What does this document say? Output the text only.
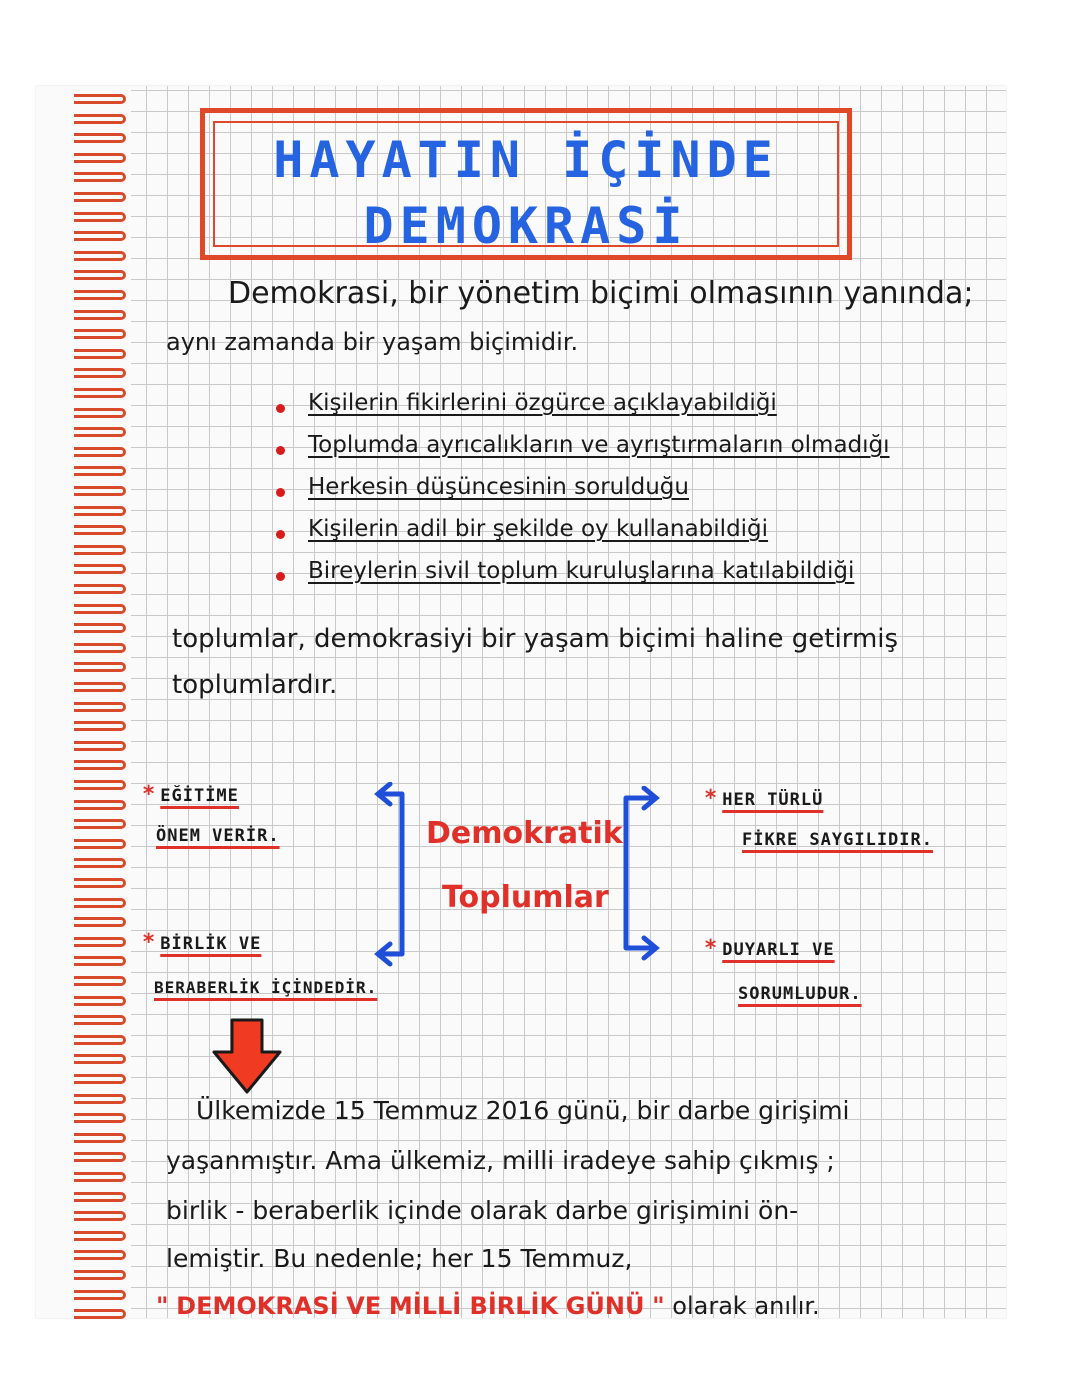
HAYATIN İÇİNDE
DEMOKRASİ
Demokrasi, bir yönetim biçimi olmasının yanında;
aynı zamanda bir yaşam biçimidir.
Kişilerin fikirlerini özgürce açıklayabildiği
Toplumda ayrıcalıkların ve ayrıştırmaların olmadığı
Herkesin düşüncesinin sorulduğu
Kişilerin adil bir şekilde oy kullanabildiği
Bireylerin sivil toplum kuruluşlarına katılabildiği
toplumlar, demokrasiyi bir yaşam biçimi haline getirmiş
toplumlardır.
* EĞİTİME
ÖNEM VERİR.
* BİRLİK VE
BERABERLİK İÇİNDEDİR.
* HER TÜRLÜ
FİKRE SAYGILIDIR.
* DUYARLI VE
SORUMLUDUR.
Demokratik
Toplumlar
Ülkemizde 15 Temmuz 2016 günü, bir darbe girişimi
yaşanmıştır. Ama ülkemiz, milli iradeye sahip çıkmış ;
birlik - beraberlik içinde olarak darbe girişimini ön-
lemiştir. Bu nedenle; her 15 Temmuz,
" DEMOKRASİ VE MİLLİ BİRLİK GÜNÜ " olarak anılır.
